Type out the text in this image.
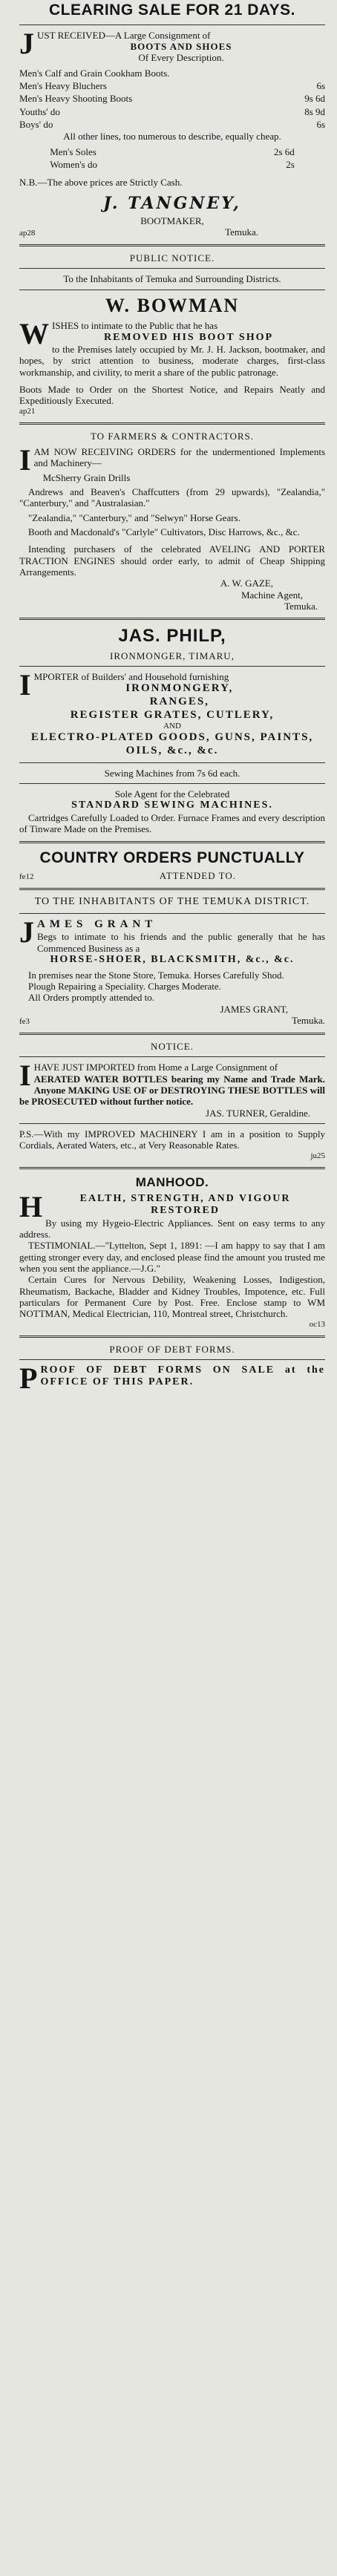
CLEARING SALE FOR 21 DAYS.
J UST RECEIVED—A Large Consignment of
BOOTS AND SHOES
Of Every Description.
Men's Calf and Grain Cookham Boots.	
Men's Heavy Bluchers	6s
Men's Heavy Shooting Boots	9s 6d
Youths' do	8s 9d
Boys' do	6s
All other lines, too numerous to describe, equally cheap.
Men's Soles	2s 6d
Women's do	2s
N.B.—The above prices are Strictly Cash.
J. TANGNEY,
BOOTMAKER,
ap28	Temuka.
PUBLIC NOTICE.
To the Inhabitants of Temuka and Surrounding Districts.
W. BOWMAN
W ISHES to intimate to the Public that he has
REMOVED HIS BOOT SHOP
to the Premises lately occupied by Mr. J. H. Jackson, bootmaker, and hopes, by strict attention to business, moderate charges, first-class workmanship, and civility, to merit a share of the public patronage.
Boots Made to Order on the Shortest Notice, and Repairs Neatly and Expeditiously Executed.
ap21
TO FARMERS & CONTRACTORS.
I AM NOW RECEIVING ORDERS for the undermentioned Implements and Machinery—
McSherry Grain Drills
Andrews and Beaven's Chaffcutters (from 29 upwards), "Zealandia," "Canterbury," and "Australasian."
"Zealandia," "Canterbury," and "Selwyn" Horse Gears.
Booth and Macdonald's "Carlyle" Cultivators, Disc Harrows, &c., &c.
Intending purchasers of the celebrated AVELING AND PORTER TRACTION ENGINES should order early, to admit of Cheap Shipping Arrangements.
A. W. GAZE,
Machine Agent,
Temuka.
JAS. PHILP,
IRONMONGER, TIMARU,
I MPORTER of Builders' and Household furnishing
IRONMONGERY,
RANGES,
REGISTER GRATES, CUTLERY,
AND
ELECTRO-PLATED GOODS, GUNS, PAINTS, OILS, &c., &c.
Sewing Machines from 7s 6d each.
Sole Agent for the Celebrated
STANDARD SEWING MACHINES.
Cartridges Carefully Loaded to Order. Furnace Frames and every description of Tinware Made on the Premises.
COUNTRY ORDERS PUNCTUALLY
fe12	ATTENDED TO.
TO THE INHABITANTS OF THE TEMUKA DISTRICT.
J AMES GRANT
Begs to intimate to his friends and the public generally that he has Commenced Business as a
HORSE-SHOER, BLACKSMITH, &c., &c.
In premises near the Stone Store, Temuka. Horses Carefully Shod.
Plough Repairing a Speciality. Charges Moderate.
All Orders promptly attended to.
JAMES GRANT,
fe3	Temuka.
NOTICE.
I HAVE JUST IMPORTED from Home a Large Consignment of
AERATED WATER BOTTLES bearing my Name and Trade Mark. Anyone MAKING USE OF or DESTROYING THESE BOTTLES will be PROSECUTED without further notice.
JAS. TURNER, Geraldine.
P.S.—With my IMPROVED MACHINERY I am in a position to Supply Cordials, Aerated Waters, etc., at Very Reasonable Rates.
ju25
MANHOOD.
H	EALTH, STRENGTH, AND VIGOUR RESTORED
By using my Hygeio-Electric Appliances. Sent on easy terms to any address.
TESTIMONIAL.—"Lyttelton, Sept 1, 1891: —I am happy to say that I am getting stronger every day, and enclosed please find the amount you trusted me when you sent the appliance.—J.G."
Certain Cures for Nervous Debility, Weakening Losses, Indigestion, Rheumatism, Backache, Bladder and Kidney Troubles, Impotence, etc. Full particulars for Permanent Cure by Post. Free. Enclose stamp to WM NOTTMAN, Medical Electrician, 110, Montreal street, Christchurch.
oc13
PROOF OF DEBT FORMS.
P ROOF OF DEBT FORMS ON SALE at the OFFICE OF THIS PAPER.
